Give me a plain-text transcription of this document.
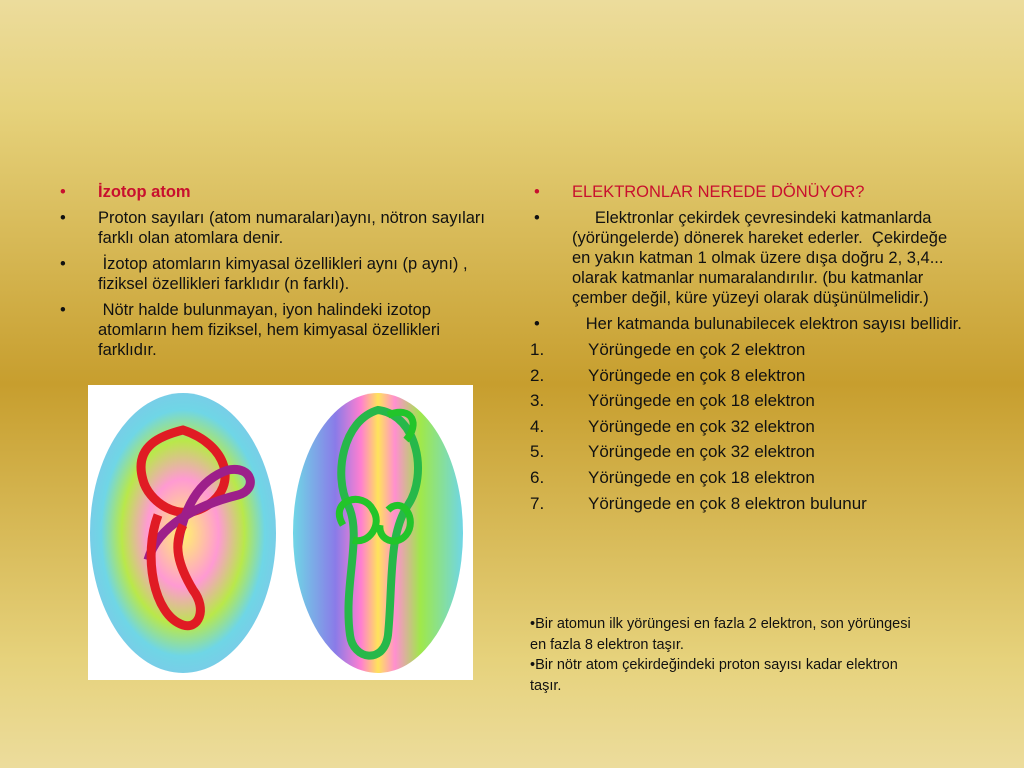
•	İzotop atom
•	Proton sayıları (atom numaraları)aynı, nötron sayıları farklı olan atomlara denir.
•	İzotop atomların kimyasal özellikleri aynı (p aynı) , fiziksel özellikleri farklıdır (n farklı).
•	Nötr halde bulunmayan, iyon halindeki izotop atomların hem fiziksel, hem kimyasal özellikleri farklıdır.
•	ELEKTRONLAR NEREDE DÖNÜYOR?
•	Elektronlar çekirdek çevresindeki katmanlarda (yörüngelerde) dönerek hareket ederler.  Çekirdeğe en yakın katman 1 olmak üzere dışa doğru 2, 3,4... olarak katmanlar numaralandırılır. (bu katmanlar çember değil, küre yüzeyi olarak düşünülmelidir.)
•	Her katmanda bulunabilecek elektron sayısı bellidir.
1.	Yörüngede en çok 2 elektron
2.	Yörüngede en çok 8 elektron
3.	Yörüngede en çok 18 elektron
4.	Yörüngede en çok 32 elektron
5.	Yörüngede en çok 32 elektron
6.	Yörüngede en çok 18 elektron
7.	Yörüngede en çok 8 elektron bulunur
•Bir atomun ilk yörüngesi en fazla 2 elektron, son yörüngesi en fazla 8 elektron taşır.
•Bir nötr atom çekirdeğindeki proton sayısı kadar elektron taşır.
